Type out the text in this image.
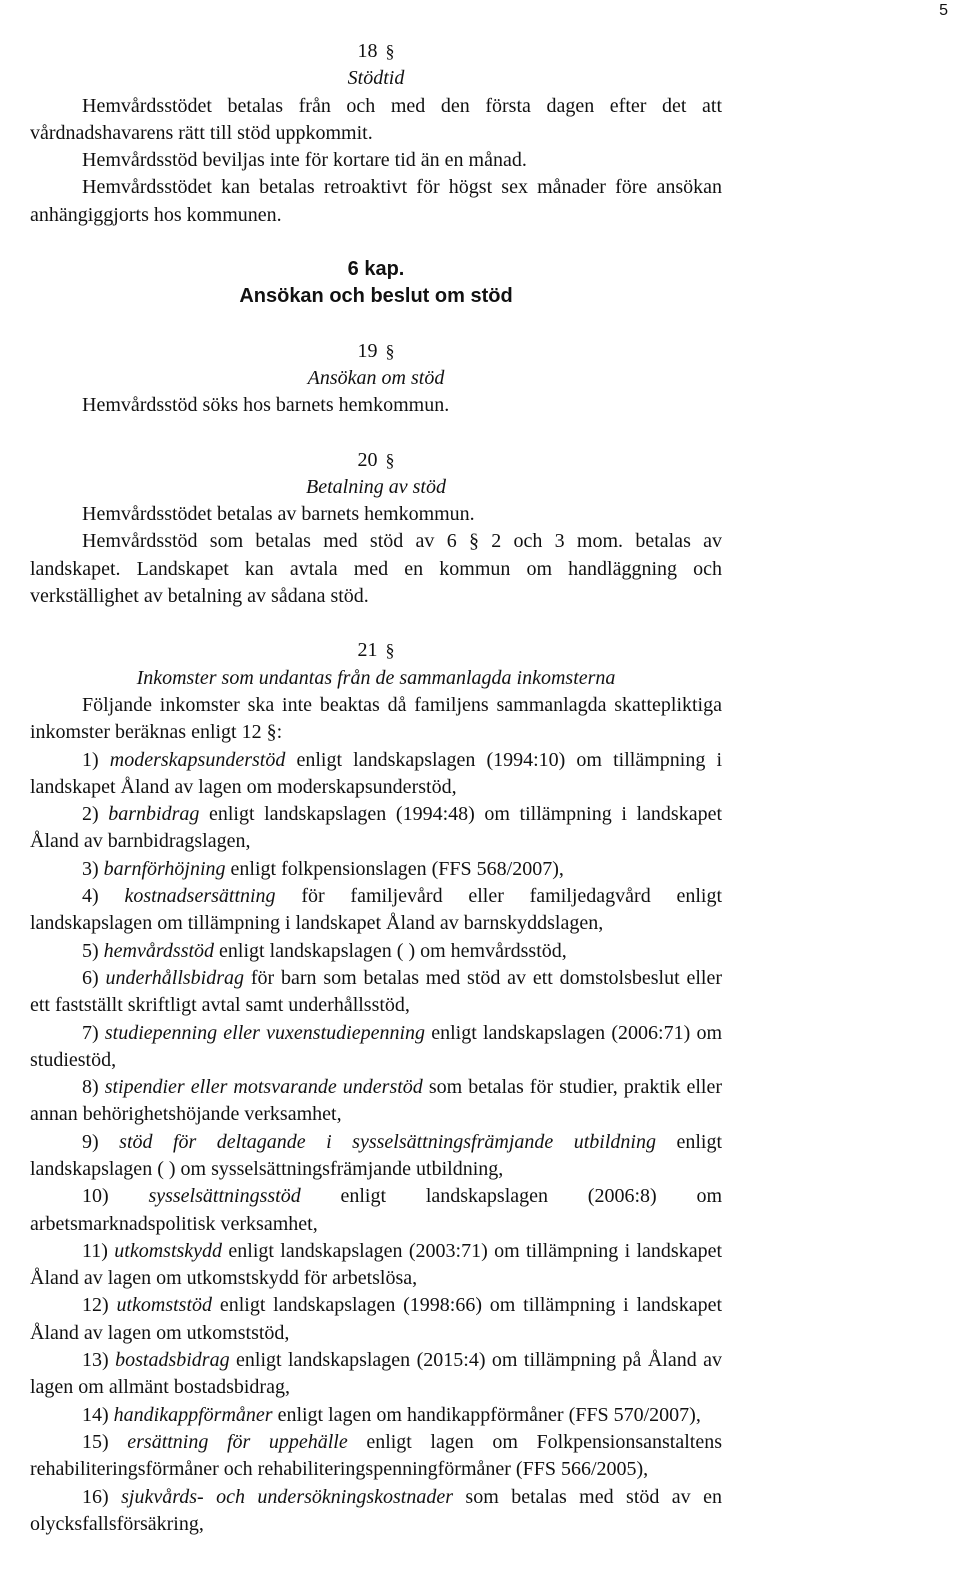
5
18 §
Stödtid

Hemvårdsstödet betalas från och med den första dagen efter det att vårdnadshavarens rätt till stöd uppkommit.

Hemvårdsstöd beviljas inte för kortare tid än en månad.

Hemvårdsstödet kan betalas retroaktivt för högst sex månader före ansökan anhängiggjorts hos kommunen.

6 kap.
Ansökan och beslut om stöd
19 §
Ansökan om stöd

Hemvårdsstöd söks hos barnets hemkommun.

20 §
Betalning av stöd

Hemvårdsstödet betalas av barnets hemkommun.

Hemvårdsstöd som betalas med stöd av 6 § 2 och 3 mom. betalas av landskapet. Landskapet kan avtala med en kommun om handläggning och verkställighet av betalning av sådana stöd.

21 §
Inkomster som undantas från de sammanlagda inkomsterna

Följande inkomster ska inte beaktas då familjens sammanlagda skattepliktiga inkomster beräknas enligt 12 §:

1) moderskapsunderstöd enligt landskapslagen (1994:10) om tillämpning i landskapet Åland av lagen om moderskapsunderstöd,

2) barnbidrag enligt landskapslagen (1994:48) om tillämpning i landskapet Åland av barnbidragslagen,

3) barnförhöjning enligt folkpensionslagen (FFS 568/2007),

4) kostnadsersättning för familjevård eller familjedagvård enligt landskapslagen om tillämpning i landskapet Åland av barnskyddslagen,

5) hemvårdsstöd enligt landskapslagen ( ) om hemvårdsstöd,

6) underhållsbidrag för barn som betalas med stöd av ett domstolsbeslut eller ett fastställt skriftligt avtal samt underhållsstöd,

7) studiepenning eller vuxenstudiepenning enligt landskapslagen (2006:71) om studiestöd,

8) stipendier eller motsvarande understöd som betalas för studier, praktik eller annan behörighetshöjande verksamhet,

9) stöd för deltagande i sysselsättningsfrämjande utbildning enligt landskapslagen ( ) om sysselsättningsfrämjande utbildning,

10) sysselsättningsstöd enligt landskapslagen (2006:8) om arbetsmarknadspolitisk verksamhet,

11) utkomstskydd enligt landskapslagen (2003:71) om tillämpning i landskapet Åland av lagen om utkomstskydd för arbetslösa,

12) utkomststöd enligt landskapslagen (1998:66) om tillämpning i landskapet Åland av lagen om utkomststöd,

13) bostadsbidrag enligt landskapslagen (2015:4) om tillämpning på Åland av lagen om allmänt bostadsbidrag,

14) handikappförmåner enligt lagen om handikappförmåner (FFS 570/2007),

15) ersättning för uppehälle enligt lagen om Folkpensionsanstaltens rehabiliteringsförmåner och rehabiliteringspenningförmåner (FFS 566/2005),

16) sjukvårds- och undersökningskostnader som betalas med stöd av en olycksfallsförsäkring,
